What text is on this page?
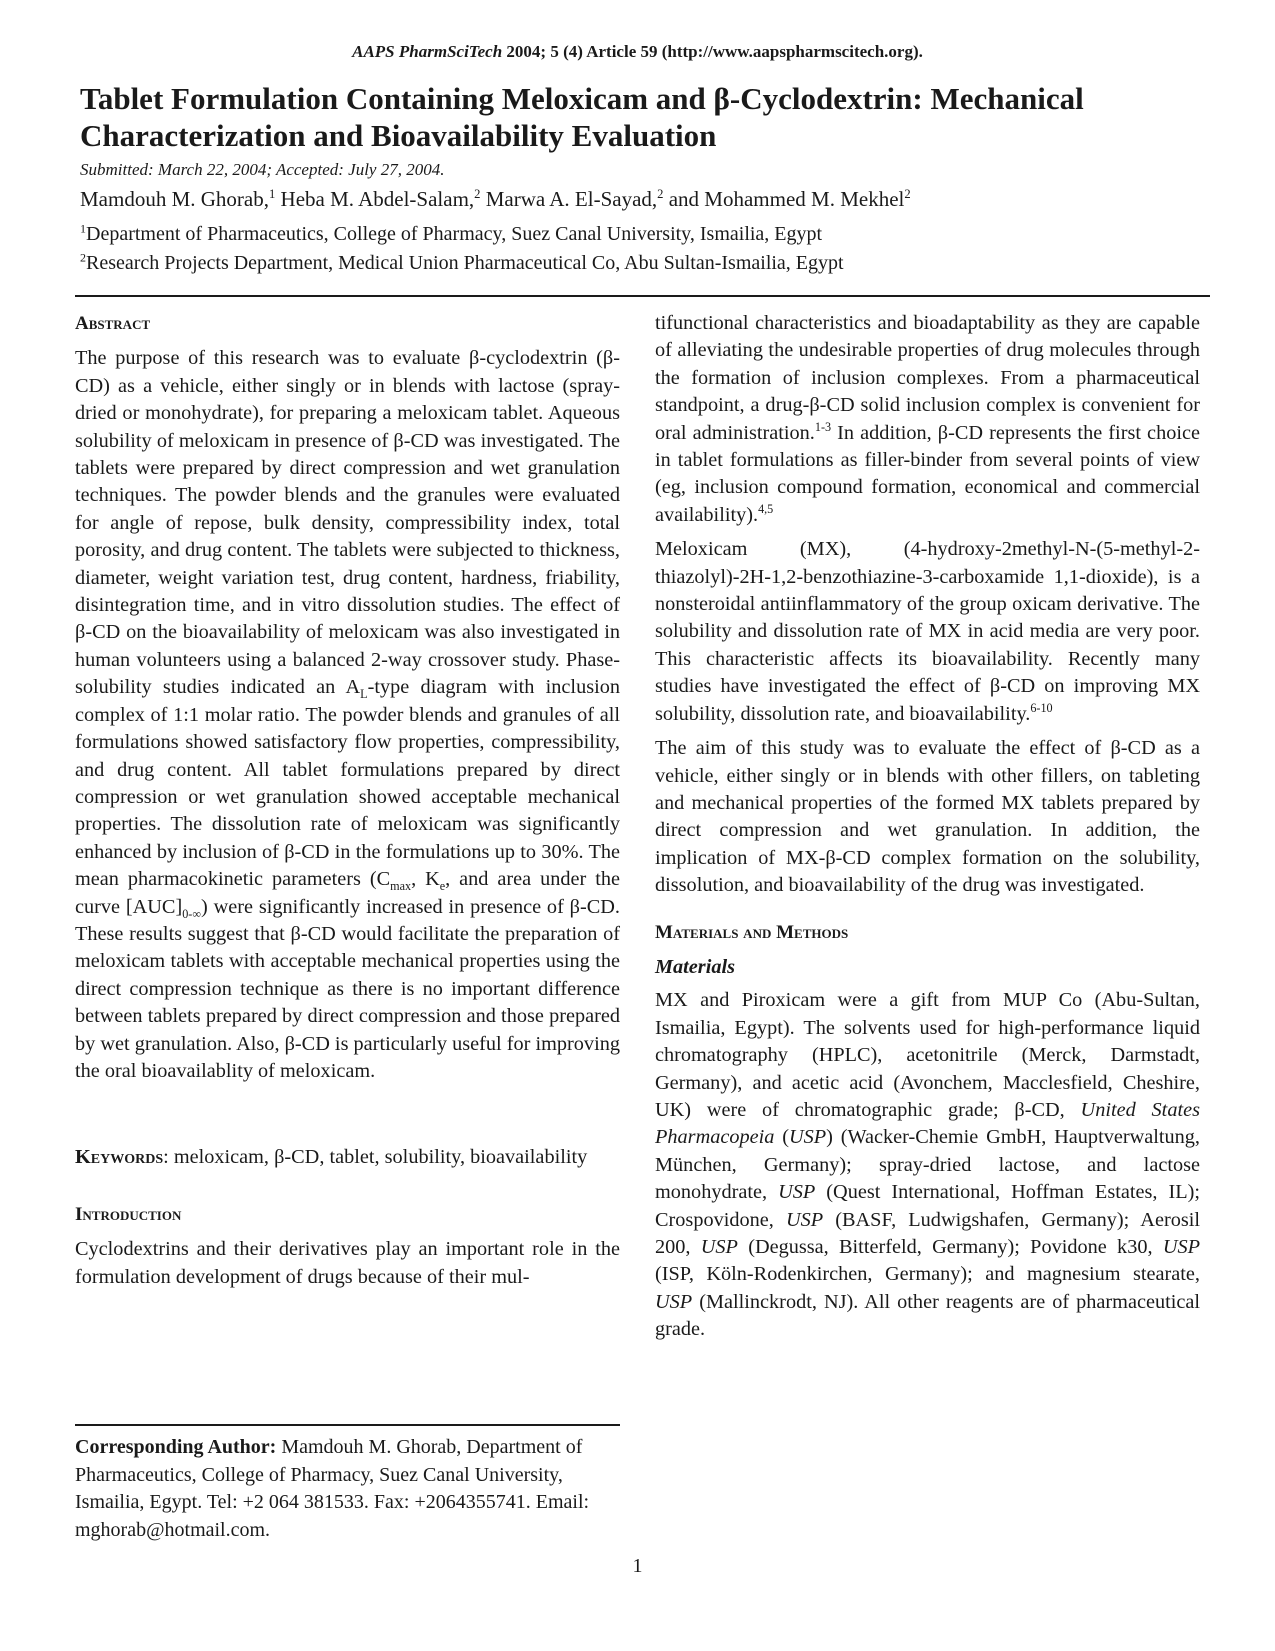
AAPS PharmSciTech 2004; 5 (4) Article 59 (http://www.aapspharmscitech.org).
Tablet Formulation Containing Meloxicam and β-Cyclodextrin: Mechanical Characterization and Bioavailability Evaluation
Submitted: March 22, 2004; Accepted: July 27, 2004.
Mamdouh M. Ghorab,$^1$ Heba M. Abdel-Salam,$^2$ Marwa A. El-Sayad,$^2$ and Mohammed M. Mekhel$^2$
$^1$Department of Pharmaceutics, College of Pharmacy, Suez Canal University, Ismailia, Egypt
$^2$Research Projects Department, Medical Union Pharmaceutical Co, Abu Sultan-Ismailia, Egypt

Abstract

The purpose of this research was to evaluate β-cyclodextrin (β-CD) as a vehicle, either singly or in blends with lactose (spray-dried or monohydrate), for preparing a meloxicam tablet. Aqueous solubility of meloxicam in presence of β-CD was investigated. The tablets were prepared by direct compression and wet granulation techniques. The powder blends and the granules were evaluated for angle of repose, bulk density, compressibility index, total porosity, and drug content. The tablets were subjected to thickness, diameter, weight variation test, drug content, hardness, friability, disintegration time, and in vitro dissolution studies. The effect of β-CD on the bioavailability of meloxicam was also investigated in human volunteers using a balanced 2-way crossover study. Phase-solubility studies indicated an $A_L$-type diagram with inclusion complex of 1:1 molar ratio. The powder blends and granules of all formulations showed satisfactory flow properties, compressibility, and drug content. All tablet formulations prepared by direct compression or wet granulation showed acceptable mechanical properties. The dissolution rate of meloxicam was significantly enhanced by inclusion of β-CD in the formulations up to 30%. The mean pharmacokinetic parameters ($C_{max}$, $K_e$, and area under the curve $[AUC]_{0-\infty}$) were significantly increased in presence of β-CD. These results suggest that β-CD would facilitate the preparation of meloxicam tablets with acceptable mechanical properties using the direct compression technique as there is no important difference between tablets prepared by direct compression and those prepared by wet granulation. Also, β-CD is particularly useful for improving the oral bioavailablity of meloxicam.

Keywords: meloxicam, β-CD, tablet, solubility, bioavailability

Introduction

Cyclodextrins and their derivatives play an important role in the formulation development of drugs because of their mul-

Corresponding Author: Mamdouh M. Ghorab, Department of Pharmaceutics, College of Pharmacy, Suez Canal University, Ismailia, Egypt. Tel: +2 064 381533. Fax: +2064355741. Email: mghorab@hotmail.com.

tifunctional characteristics and bioadaptability as they are capable of alleviating the undesirable properties of drug molecules through the formation of inclusion complexes. From a pharmaceutical standpoint, a drug-β-CD solid inclusion complex is convenient for oral administration.$^{1-3}$ In addition, β-CD represents the first choice in tablet formulations as filler-binder from several points of view (eg, inclusion compound formation, economical and commercial availability).$^{4,5}$

Meloxicam (MX), (4-hydroxy-2methyl-N-(5-methyl-2-thiazolyl)-2H-1,2-benzothiazine-3-carboxamide 1,1-dioxide), is a nonsteroidal antiinflammatory of the group oxicam derivative. The solubility and dissolution rate of MX in acid media are very poor. This characteristic affects its bioavailability. Recently many studies have investigated the effect of β-CD on improving MX solubility, dissolution rate, and bioavailability.$^{6-10}$

The aim of this study was to evaluate the effect of β-CD as a vehicle, either singly or in blends with other fillers, on tableting and mechanical properties of the formed MX tablets prepared by direct compression and wet granulation. In addition, the implication of MX-β-CD complex formation on the solubility, dissolution, and bioavailability of the drug was investigated.

Materials and Methods

Materials

MX and Piroxicam were a gift from MUP Co (Abu-Sultan, Ismailia, Egypt). The solvents used for high-performance liquid chromatography (HPLC), acetonitrile (Merck, Darmstadt, Germany), and acetic acid (Avonchem, Macclesfield, Cheshire, UK) were of chromatographic grade; β-CD, United States Pharmacopeia (USP) (Wacker-Chemie GmbH, Hauptverwaltung, München, Germany); spray-dried lactose, and lactose monohydrate, USP (Quest International, Hoffman Estates, IL); Crospovidone, USP (BASF, Ludwigshafen, Germany); Aerosil 200, USP (Degussa, Bitterfeld, Germany); Povidone k30, USP (ISP, Köln-Rodenkirchen, Germany); and magnesium stearate, USP (Mallinckrodt, NJ). All other reagents are of pharmaceutical grade.

1
